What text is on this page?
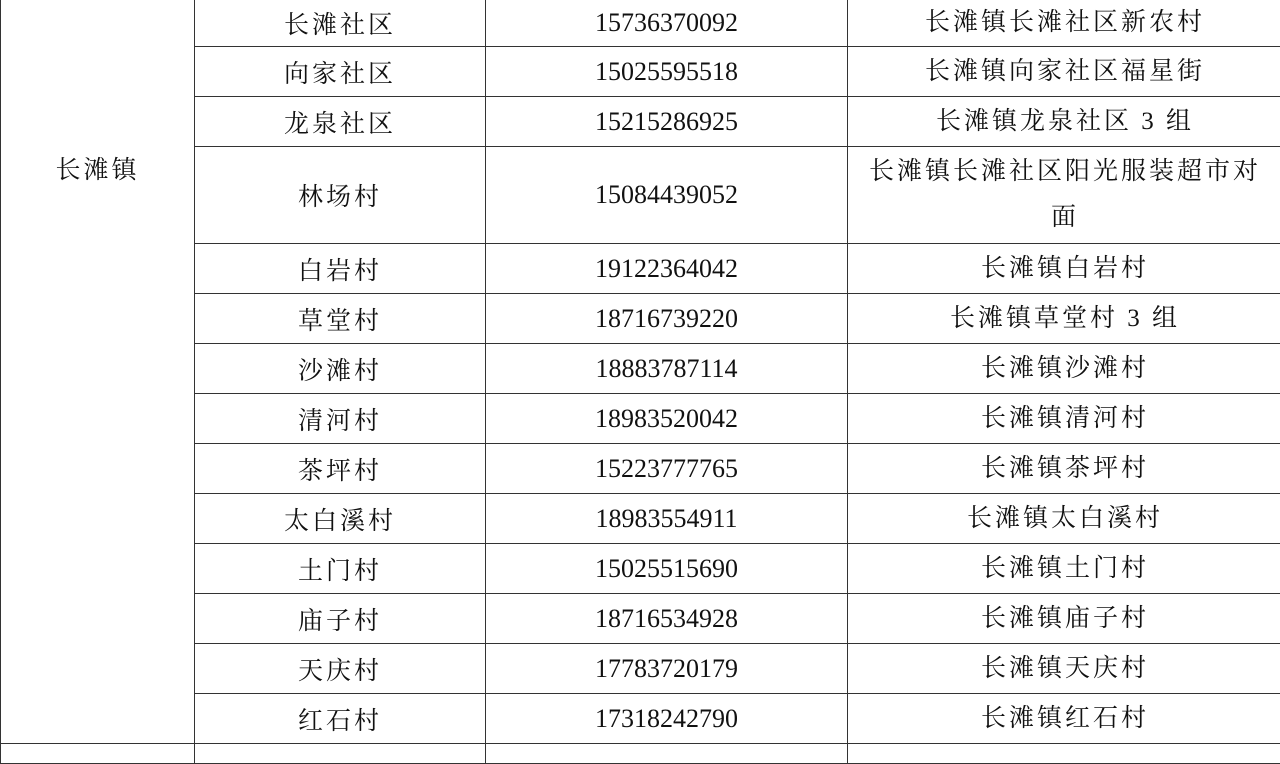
长滩镇	长滩社区	15736370092	长滩镇长滩社区新农村
	向家社区	15025595518	长滩镇向家社区福星街
	龙泉社区	15215286925	长滩镇龙泉社区 3 组
	林场村	15084439052	长滩镇长滩社区阳光服装超市对面
	白岩村	19122364042	长滩镇白岩村
	草堂村	18716739220	长滩镇草堂村 3 组
	沙滩村	18883787114	长滩镇沙滩村
	清河村	18983520042	长滩镇清河村
	茶坪村	15223777765	长滩镇茶坪村
	太白溪村	18983554911	长滩镇太白溪村
	土门村	15025515690	长滩镇土门村
	庙子村	18716534928	长滩镇庙子村
	天庆村	17783720179	长滩镇天庆村
	红石村	17318242790	长滩镇红石村
